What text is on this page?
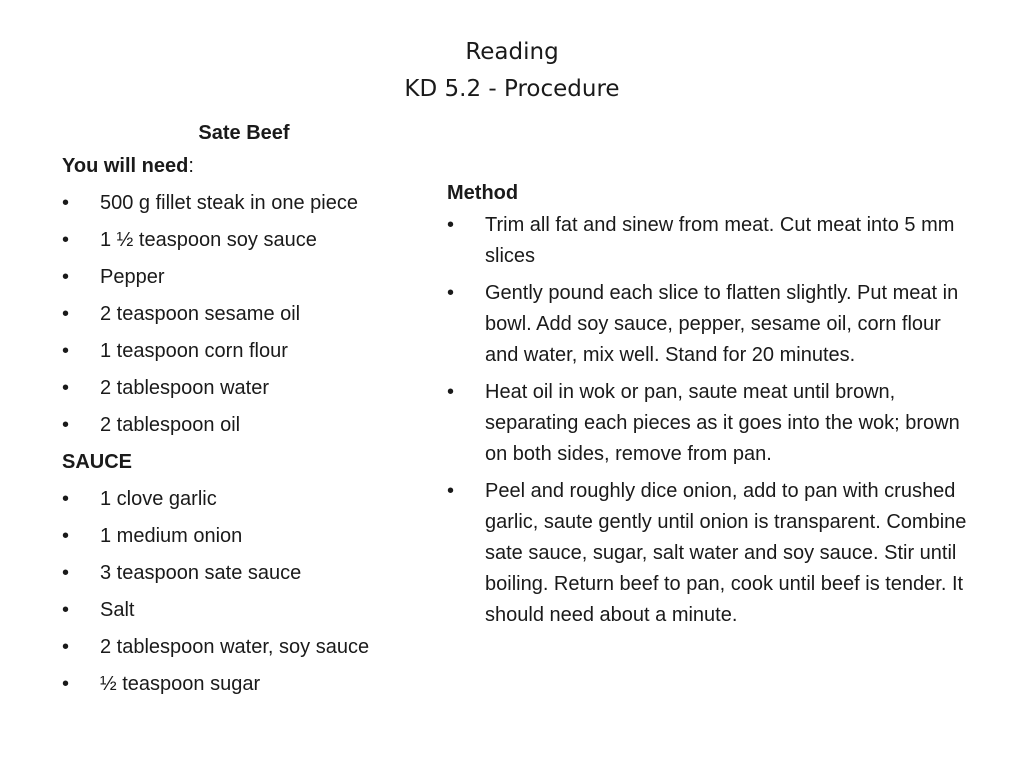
Reading
KD 5.2 - Procedure
Sate Beef
You will need:
• 500 g fillet steak in one piece
• 1 ½ teaspoon soy sauce
• Pepper
• 2 teaspoon sesame oil
• 1 teaspoon corn flour
• 2 tablespoon water
• 2 tablespoon oil
SAUCE
• 1 clove garlic
• 1 medium onion
• 3 teaspoon sate sauce
• Salt
• 2 tablespoon water, soy sauce
• ½ teaspoon sugar
Method
• Trim all fat and sinew from meat. Cut meat into 5 mm slices
• Gently pound each slice to flatten slightly. Put meat in bowl. Add soy sauce, pepper, sesame oil, corn flour and water, mix well. Stand for 20 minutes.
• Heat oil in wok or pan, saute meat until brown, separating each pieces as it goes into the wok; brown on both sides, remove from pan.
• Peel and roughly dice onion, add to pan with crushed garlic, saute gently until onion is transparent. Combine sate sauce, sugar, salt water and soy sauce. Stir until boiling. Return beef to pan, cook until beef is tender. It should need about a minute.
